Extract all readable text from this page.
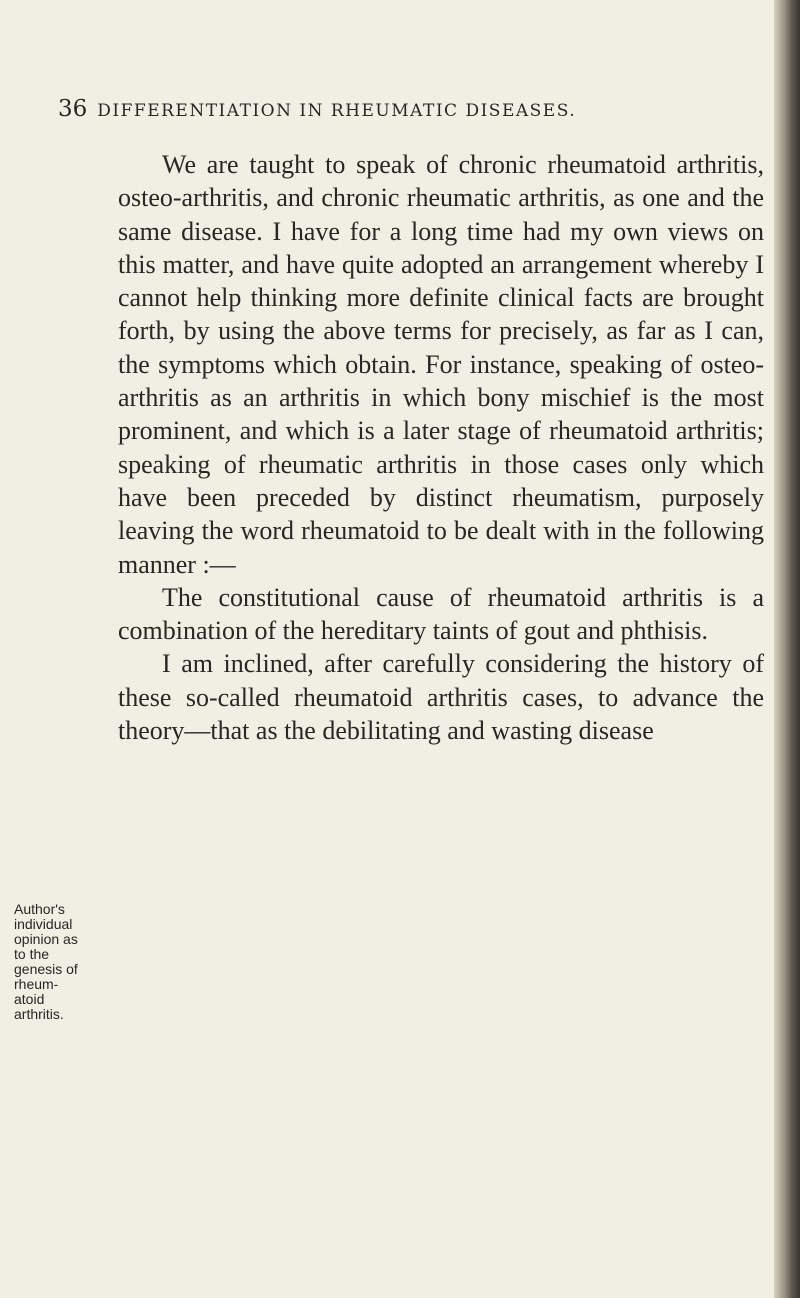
36 DIFFERENTIATION IN RHEUMATIC DISEASES.

We are taught to speak of chronic rheumatoid arthritis, osteo-arthritis, and chronic rheumatic arthritis, as one and the same disease. I have for a long time had my own views on this matter, and have quite adopted an arrangement whereby I cannot help thinking more definite clinical facts are brought forth, by using the above terms for precisely, as far as I can, the symptoms which obtain. For instance, speaking of osteo-arthritis as an arthritis in which bony mischief is the most prominent, and which is a later stage of rheumatoid arthritis; speaking of rheumatic arthritis in those cases only which have been preceded by distinct rheumatism, purposely leaving the word rheumatoid to be dealt with in the following manner :—

The constitutional cause of rheumatoid arthritis is a combination of the hereditary taints of gout and phthisis.

I am inclined, after carefully considering the history of these so-called rheumatoid arthritis cases, to advance the theory—that as the debilitating and wasting disease

Author's
individual
opinion as
to the
genesis of
rheum-
atoid
arthritis.
